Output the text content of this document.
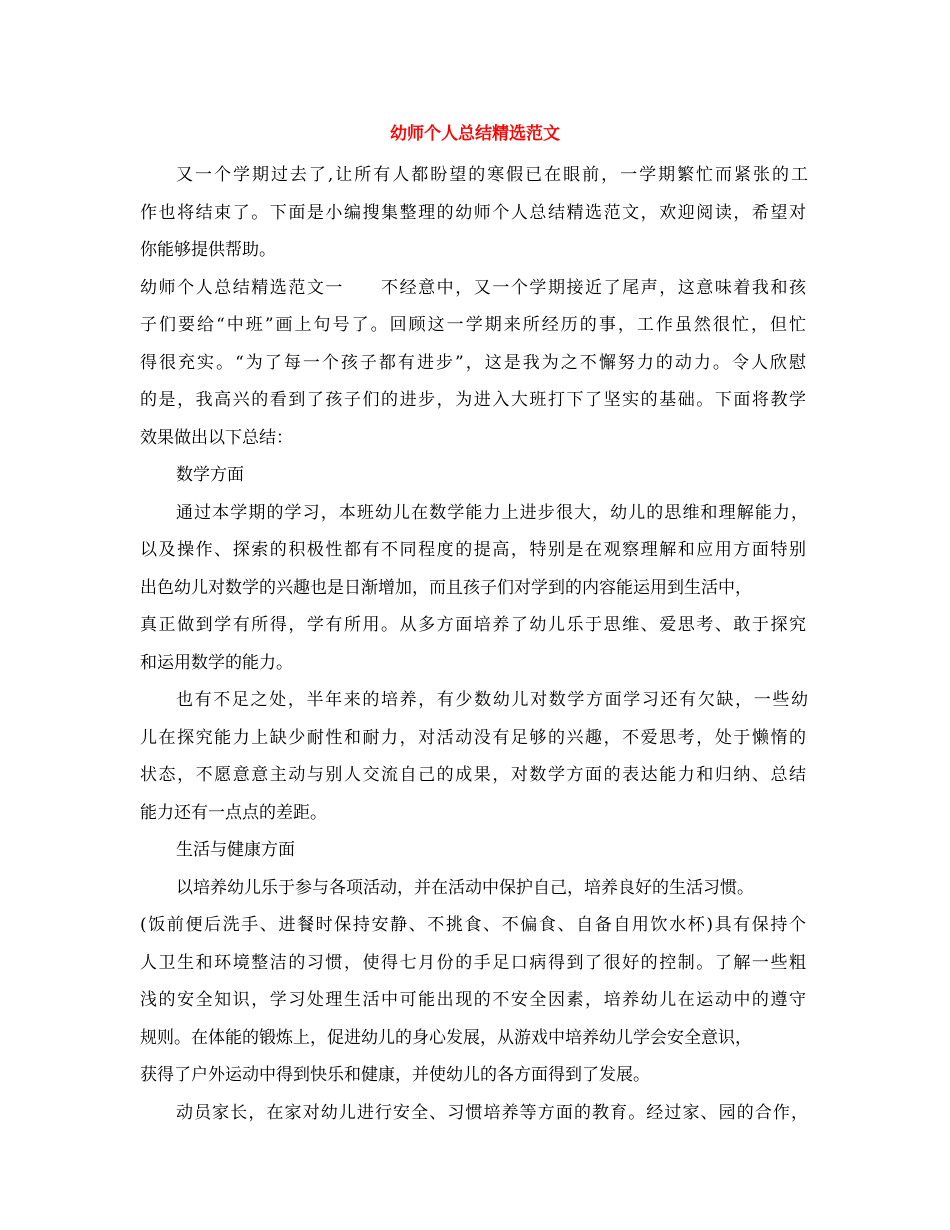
幼师个人总结精选范文
又一个学期过去了,让所有人都盼望的寒假已在眼前，一学期繁忙而紧张的工
作也将结束了。下面是小编搜集整理的幼师个人总结精选范文，欢迎阅读，希望对
你能够提供帮助。
幼师个人总结精选范文一　　不经意中，又一个学期接近了尾声，这意味着我和孩
子们要给“中班”画上句号了。回顾这一学期来所经历的事，工作虽然很忙，但忙
得很充实。“为了每一个孩子都有进步”，这是我为之不懈努力的动力。令人欣慰
的是，我高兴的看到了孩子们的进步，为进入大班打下了坚实的基础。下面将教学
效果做出以下总结：
数学方面
通过本学期的学习，本班幼儿在数学能力上进步很大，幼儿的思维和理解能力，
以及操作、探索的积极性都有不同程度的提高，特别是在观察理解和应用方面特别
出色幼儿对数学的兴趣也是日渐增加，而且孩子们对学到的内容能运用到生活中，
真正做到学有所得，学有所用。从多方面培养了幼儿乐于思维、爱思考、敢于探究
和运用数学的能力。
也有不足之处，半年来的培养，有少数幼儿对数学方面学习还有欠缺，一些幼
儿在探究能力上缺少耐性和耐力，对活动没有足够的兴趣，不爱思考，处于懒惰的
状态，不愿意意主动与别人交流自己的成果，对数学方面的表达能力和归纳、总结
能力还有一点点的差距。
生活与健康方面
以培养幼儿乐于参与各项活动，并在活动中保护自己，培养良好的生活习惯。
(饭前便后洗手、进餐时保持安静、不挑食、不偏食、自备自用饮水杯)具有保持个
人卫生和环境整洁的习惯，使得七月份的手足口病得到了很好的控制。了解一些粗
浅的安全知识，学习处理生活中可能出现的不安全因素，培养幼儿在运动中的遵守
规则。在体能的锻炼上，促进幼儿的身心发展，从游戏中培养幼儿学会安全意识，
获得了户外运动中得到快乐和健康，并使幼儿的各方面得到了发展。
动员家长，在家对幼儿进行安全、习惯培养等方面的教育。经过家、园的合作，
